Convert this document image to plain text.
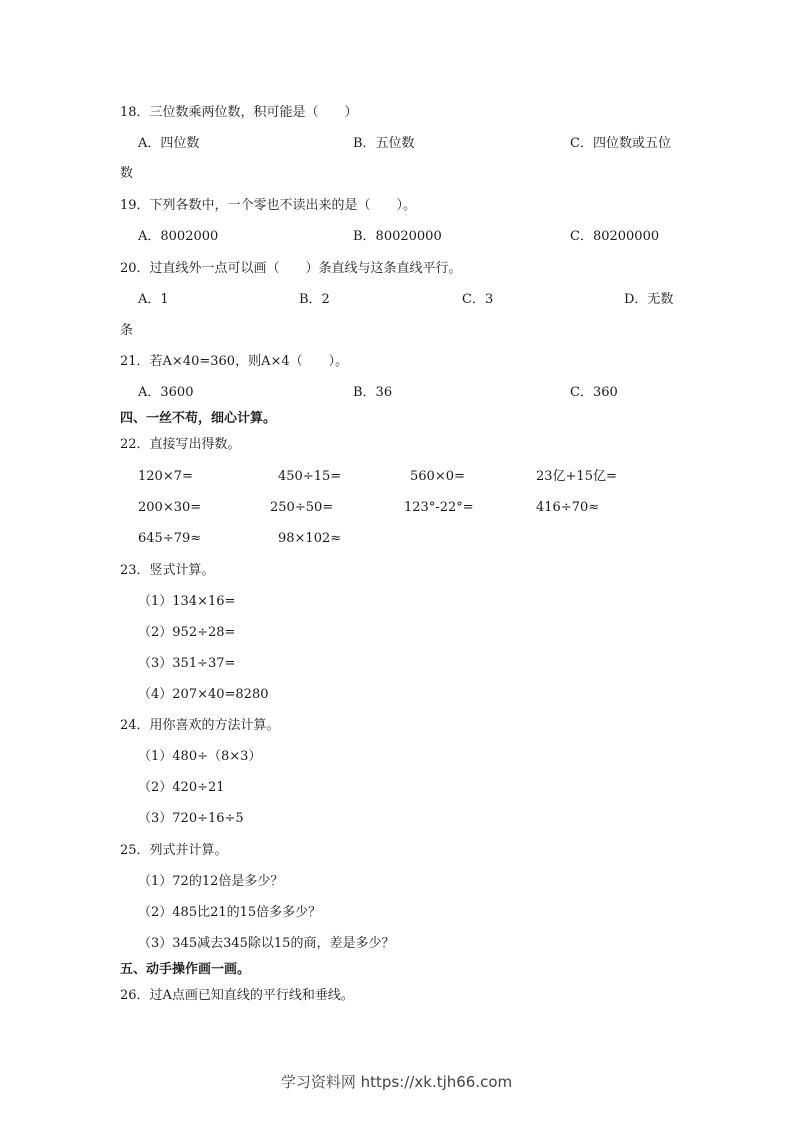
18．三位数乘两位数，积可能是（　　）
A．四位数	B．五位数	C．四位数或五位
数
19．下列各数中，一个零也不读出来的是（　　）。
A．8002000	B．80020000	C．80200000
20．过直线外一点可以画（　　）条直线与这条直线平行。
A．1	B．2	C．3	D．无数
条
21．若A×40=360，则A×4（　　）。
A．3600	B．36	C．360
四、一丝不苟，细心计算。
22．直接写出得数。
120×7=	450÷15=	560×0=	23亿+15亿=
200×30=	250÷50=	123°-22°=	416÷70≈
645÷79≈	98×102≈
23．竖式计算。
（1）134×16=
（2）952÷28=
（3）351÷37=
（4）207×40=8280
24．用你喜欢的方法计算。
（1）480÷（8×3）
（2）420÷21
（3）720÷16÷5
25．列式并计算。
（1）72的12倍是多少？
（2）485比21的15倍多多少？
（3）345减去345除以15的商，差是多少？
五、动手操作画一画。
26．过A点画已知直线的平行线和垂线。
学习资料网 https://xk.tjh66.com
